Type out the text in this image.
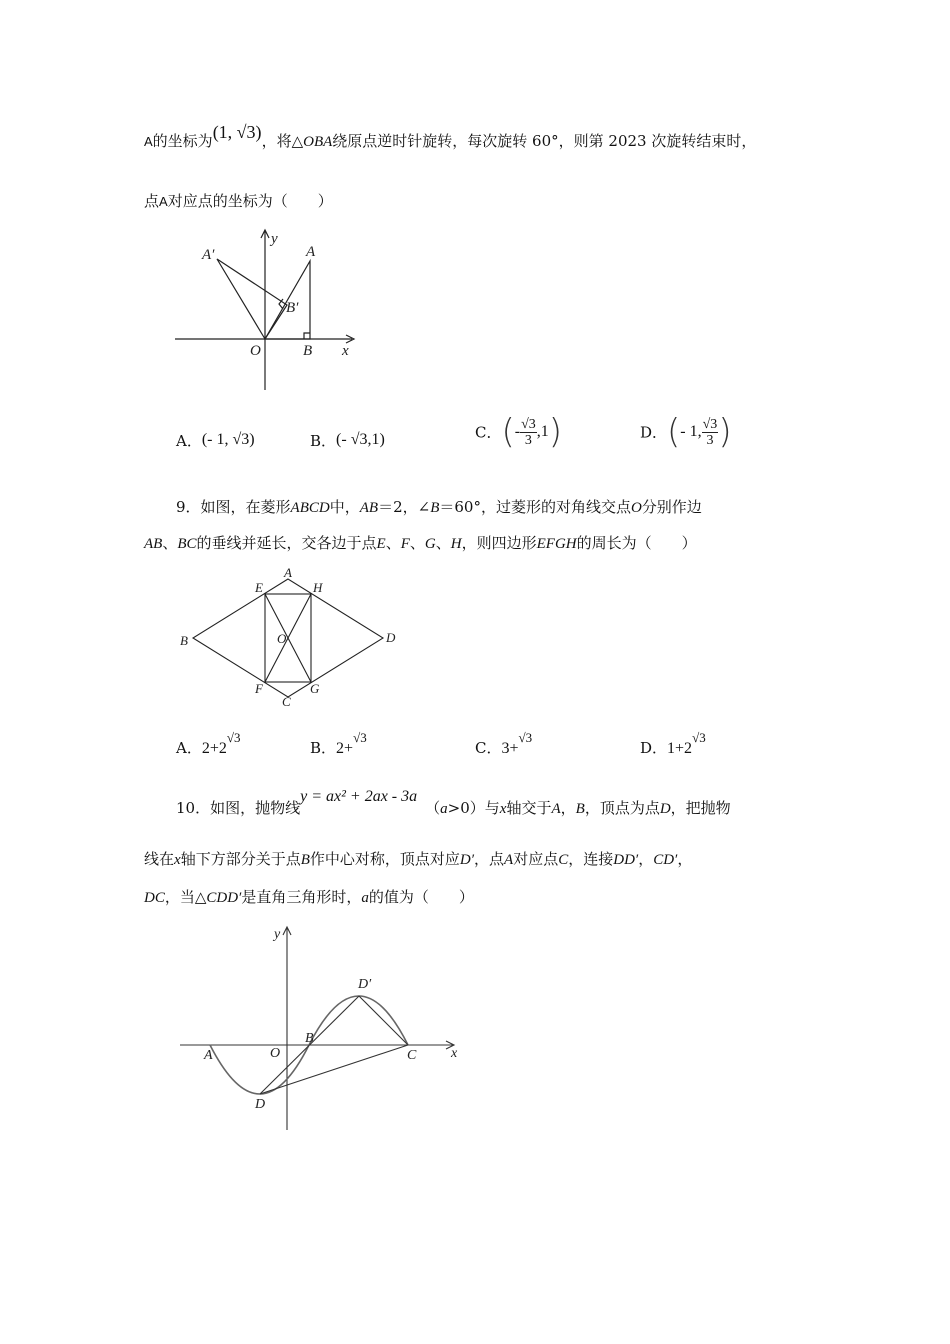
A的坐标为(1, √3)，将△OBA绕原点逆时针旋转，每次旋转 60°，则第 2023 次旋转结束时，
点A对应点的坐标为（　　）
A′	A
y
B′
O	B x
A．(- 1, √3)	B．(- √3,1)	C．(- $\frac{√3}{3} ,1$)	D．(- 1, $\frac{√3}{3}$ )
9．如图，在菱形ABCD中，AB＝2，∠B＝60°，过菱形的对角线交点O分别作边
AB、BC的垂线并延长，交各边于点E、F、G、H，则四边形EFGH的周长为（　　）
E
A
H
B	O	D
F
C
G
A．2+2√3
B．2+√3
C．3+√3
D．1+2√3
10．如图，抛物线y = ax² + 2ax - 3a（a>0）与x轴交于A，B，顶点为点D，把抛物
线在x轴下方部分关于点B作中心对称，顶点对应D′，点A对应点C，连接DD′，CD′，
DC，当△CDD′是直角三角形时，a的值为（　　）
y
D′
A	O
B
C x
D
